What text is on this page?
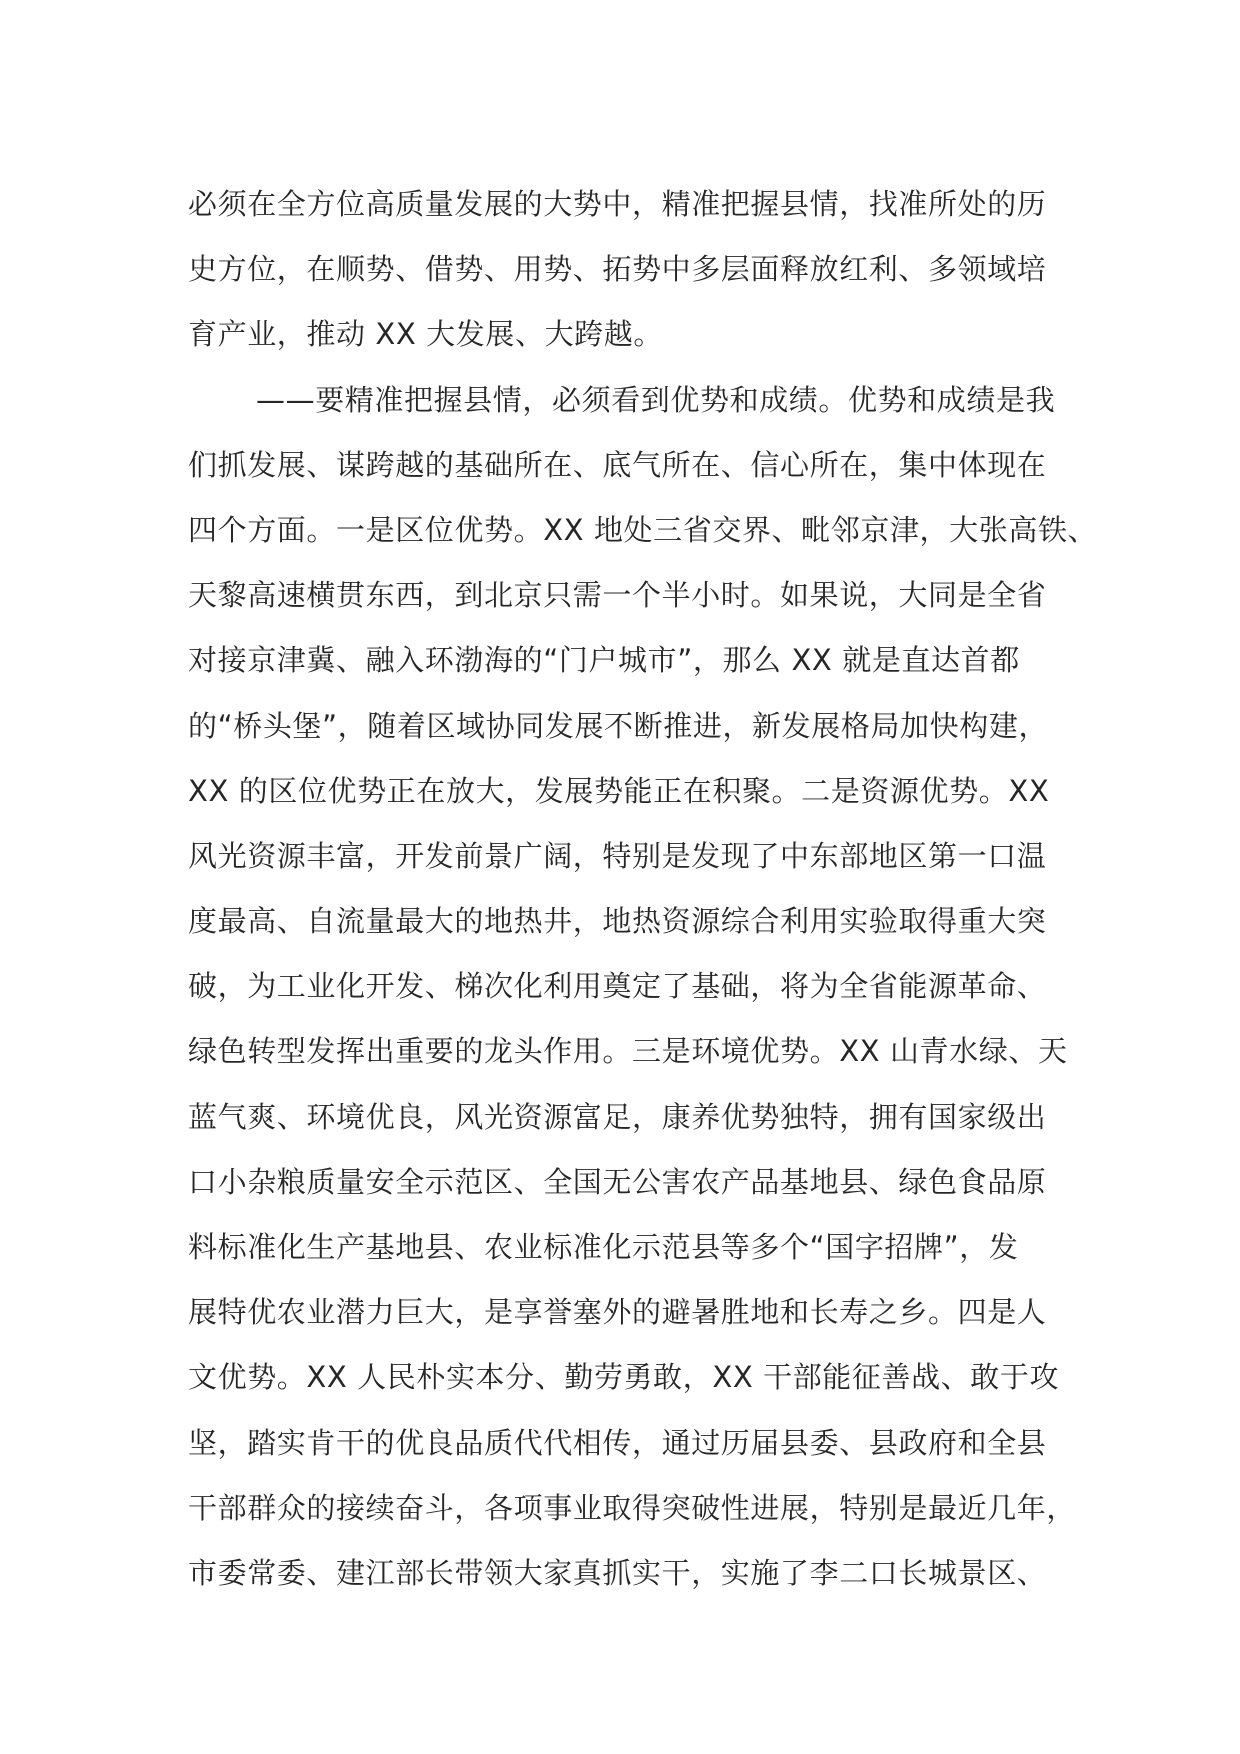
必须在全方位高质量发展的大势中，精准把握县情，找准所处的历
史方位，在顺势、借势、用势、拓势中多层面释放红利、多领域培
育产业，推动 XX 大发展、大跨越。
——要精准把握县情，必须看到优势和成绩。优势和成绩是我
们抓发展、谋跨越的基础所在、底气所在、信心所在，集中体现在
四个方面。一是区位优势。XX 地处三省交界、毗邻京津，大张高铁、
天黎高速横贯东西，到北京只需一个半小时。如果说，大同是全省
对接京津冀、融入环渤海的“门户城市”，那么 XX 就是直达首都
的“桥头堡”，随着区域协同发展不断推进，新发展格局加快构建，
XX 的区位优势正在放大，发展势能正在积聚。二是资源优势。XX
风光资源丰富，开发前景广阔，特别是发现了中东部地区第一口温
度最高、自流量最大的地热井，地热资源综合利用实验取得重大突
破，为工业化开发、梯次化利用奠定了基础，将为全省能源革命、
绿色转型发挥出重要的龙头作用。三是环境优势。XX 山青水绿、天
蓝气爽、环境优良，风光资源富足，康养优势独特，拥有国家级出
口小杂粮质量安全示范区、全国无公害农产品基地县、绿色食品原
料标准化生产基地县、农业标准化示范县等多个“国字招牌”，发
展特优农业潜力巨大，是享誉塞外的避暑胜地和长寿之乡。四是人
文优势。XX 人民朴实本分、勤劳勇敢，XX 干部能征善战、敢于攻
坚，踏实肯干的优良品质代代相传，通过历届县委、县政府和全县
干部群众的接续奋斗，各项事业取得突破性进展，特别是最近几年，
市委常委、建江部长带领大家真抓实干，实施了李二口长城景区、
